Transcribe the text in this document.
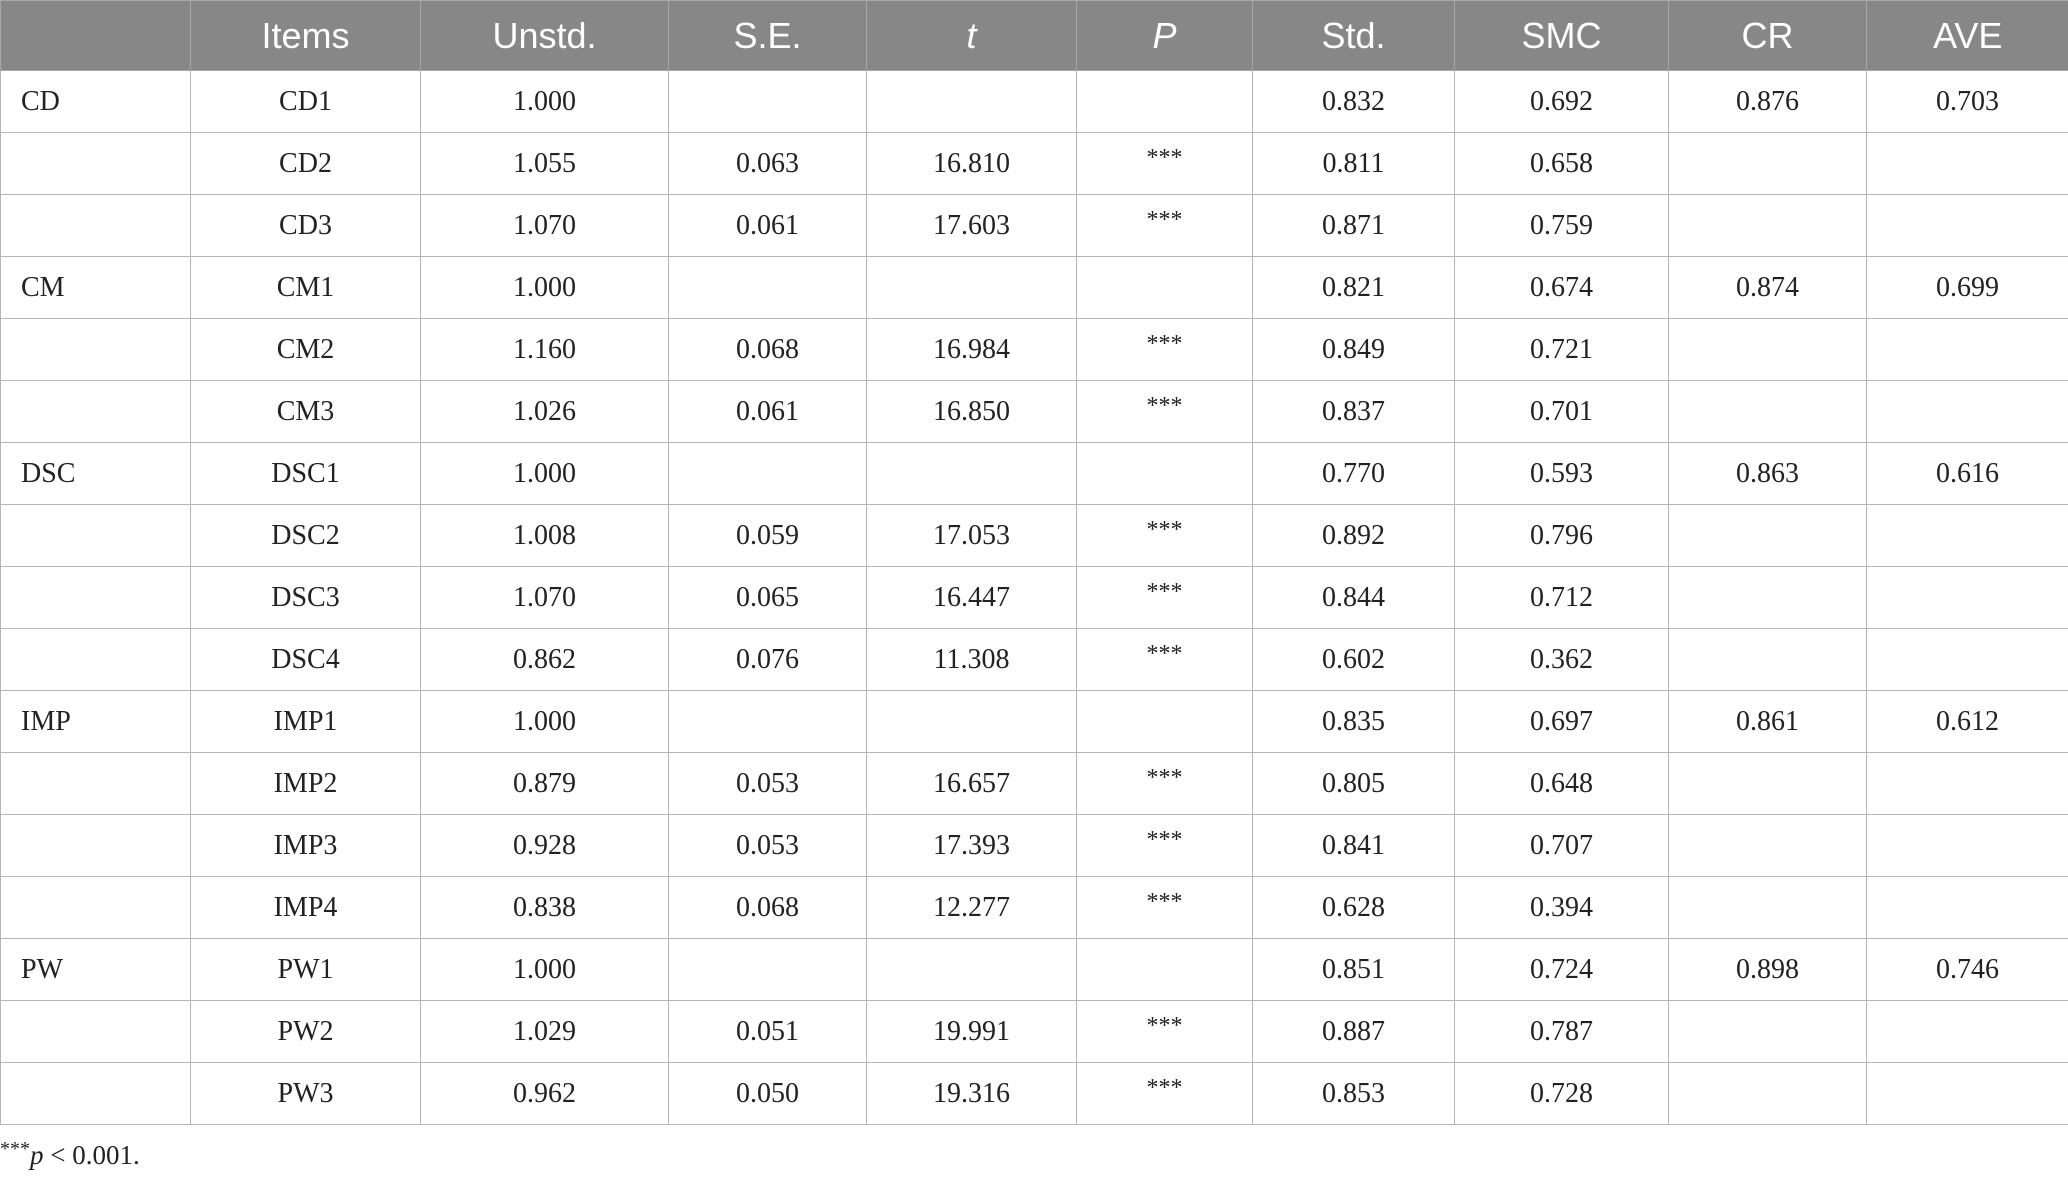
	Items	Unstd.	S.E.	t	P	Std.	SMC	CR	AVE
CD	CD1	1.000				0.832	0.692	0.876	0.703
	CD2	1.055	0.063	16.810	***	0.811	0.658		
	CD3	1.070	0.061	17.603	***	0.871	0.759		
CM	CM1	1.000				0.821	0.674	0.874	0.699
	CM2	1.160	0.068	16.984	***	0.849	0.721		
	CM3	1.026	0.061	16.850	***	0.837	0.701		
DSC	DSC1	1.000				0.770	0.593	0.863	0.616
	DSC2	1.008	0.059	17.053	***	0.892	0.796		
	DSC3	1.070	0.065	16.447	***	0.844	0.712		
	DSC4	0.862	0.076	11.308	***	0.602	0.362		
IMP	IMP1	1.000				0.835	0.697	0.861	0.612
	IMP2	0.879	0.053	16.657	***	0.805	0.648		
	IMP3	0.928	0.053	17.393	***	0.841	0.707		
	IMP4	0.838	0.068	12.277	***	0.628	0.394		
PW	PW1	1.000				0.851	0.724	0.898	0.746
	PW2	1.029	0.051	19.991	***	0.887	0.787		
	PW3	0.962	0.050	19.316	***	0.853	0.728		
***p < 0.001.
